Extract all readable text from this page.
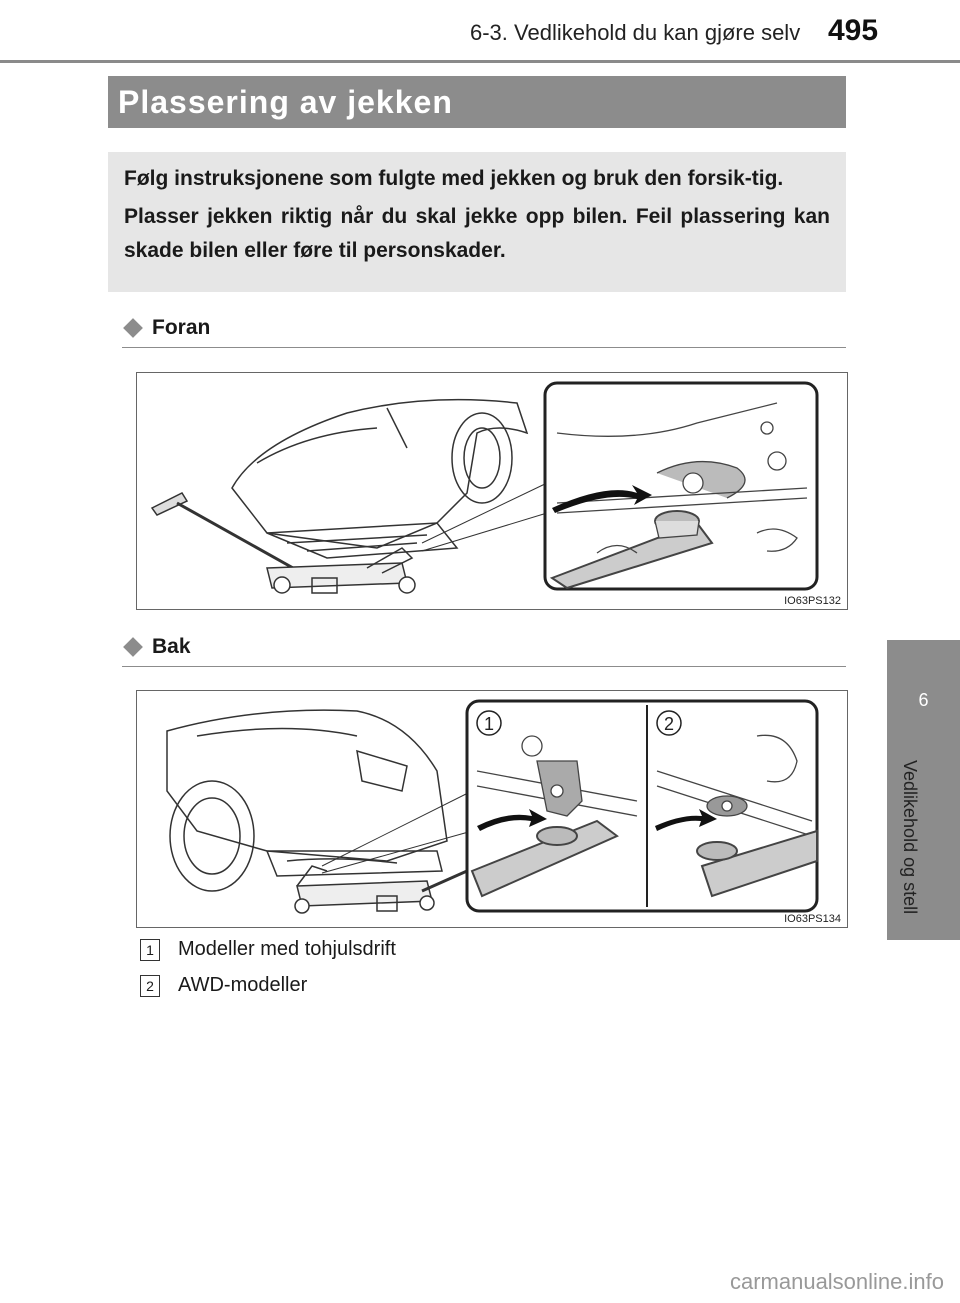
6-3. Vedlikehold du kan gjøre selv 495
Plassering av jekken

Følg instruksjonene som fulgte med jekken og bruk den forsik-tig.

Plasser jekken riktig når du skal jekke opp bilen. Feil plassering kan skade bilen eller føre til personskader.

Foran
IO63PS132
Bak
1	2
IO63PS134
1	Modeller med tohjulsdrift
2	AWD-modeller
6
Vedlikehold og stell
carmanualsonline.info
